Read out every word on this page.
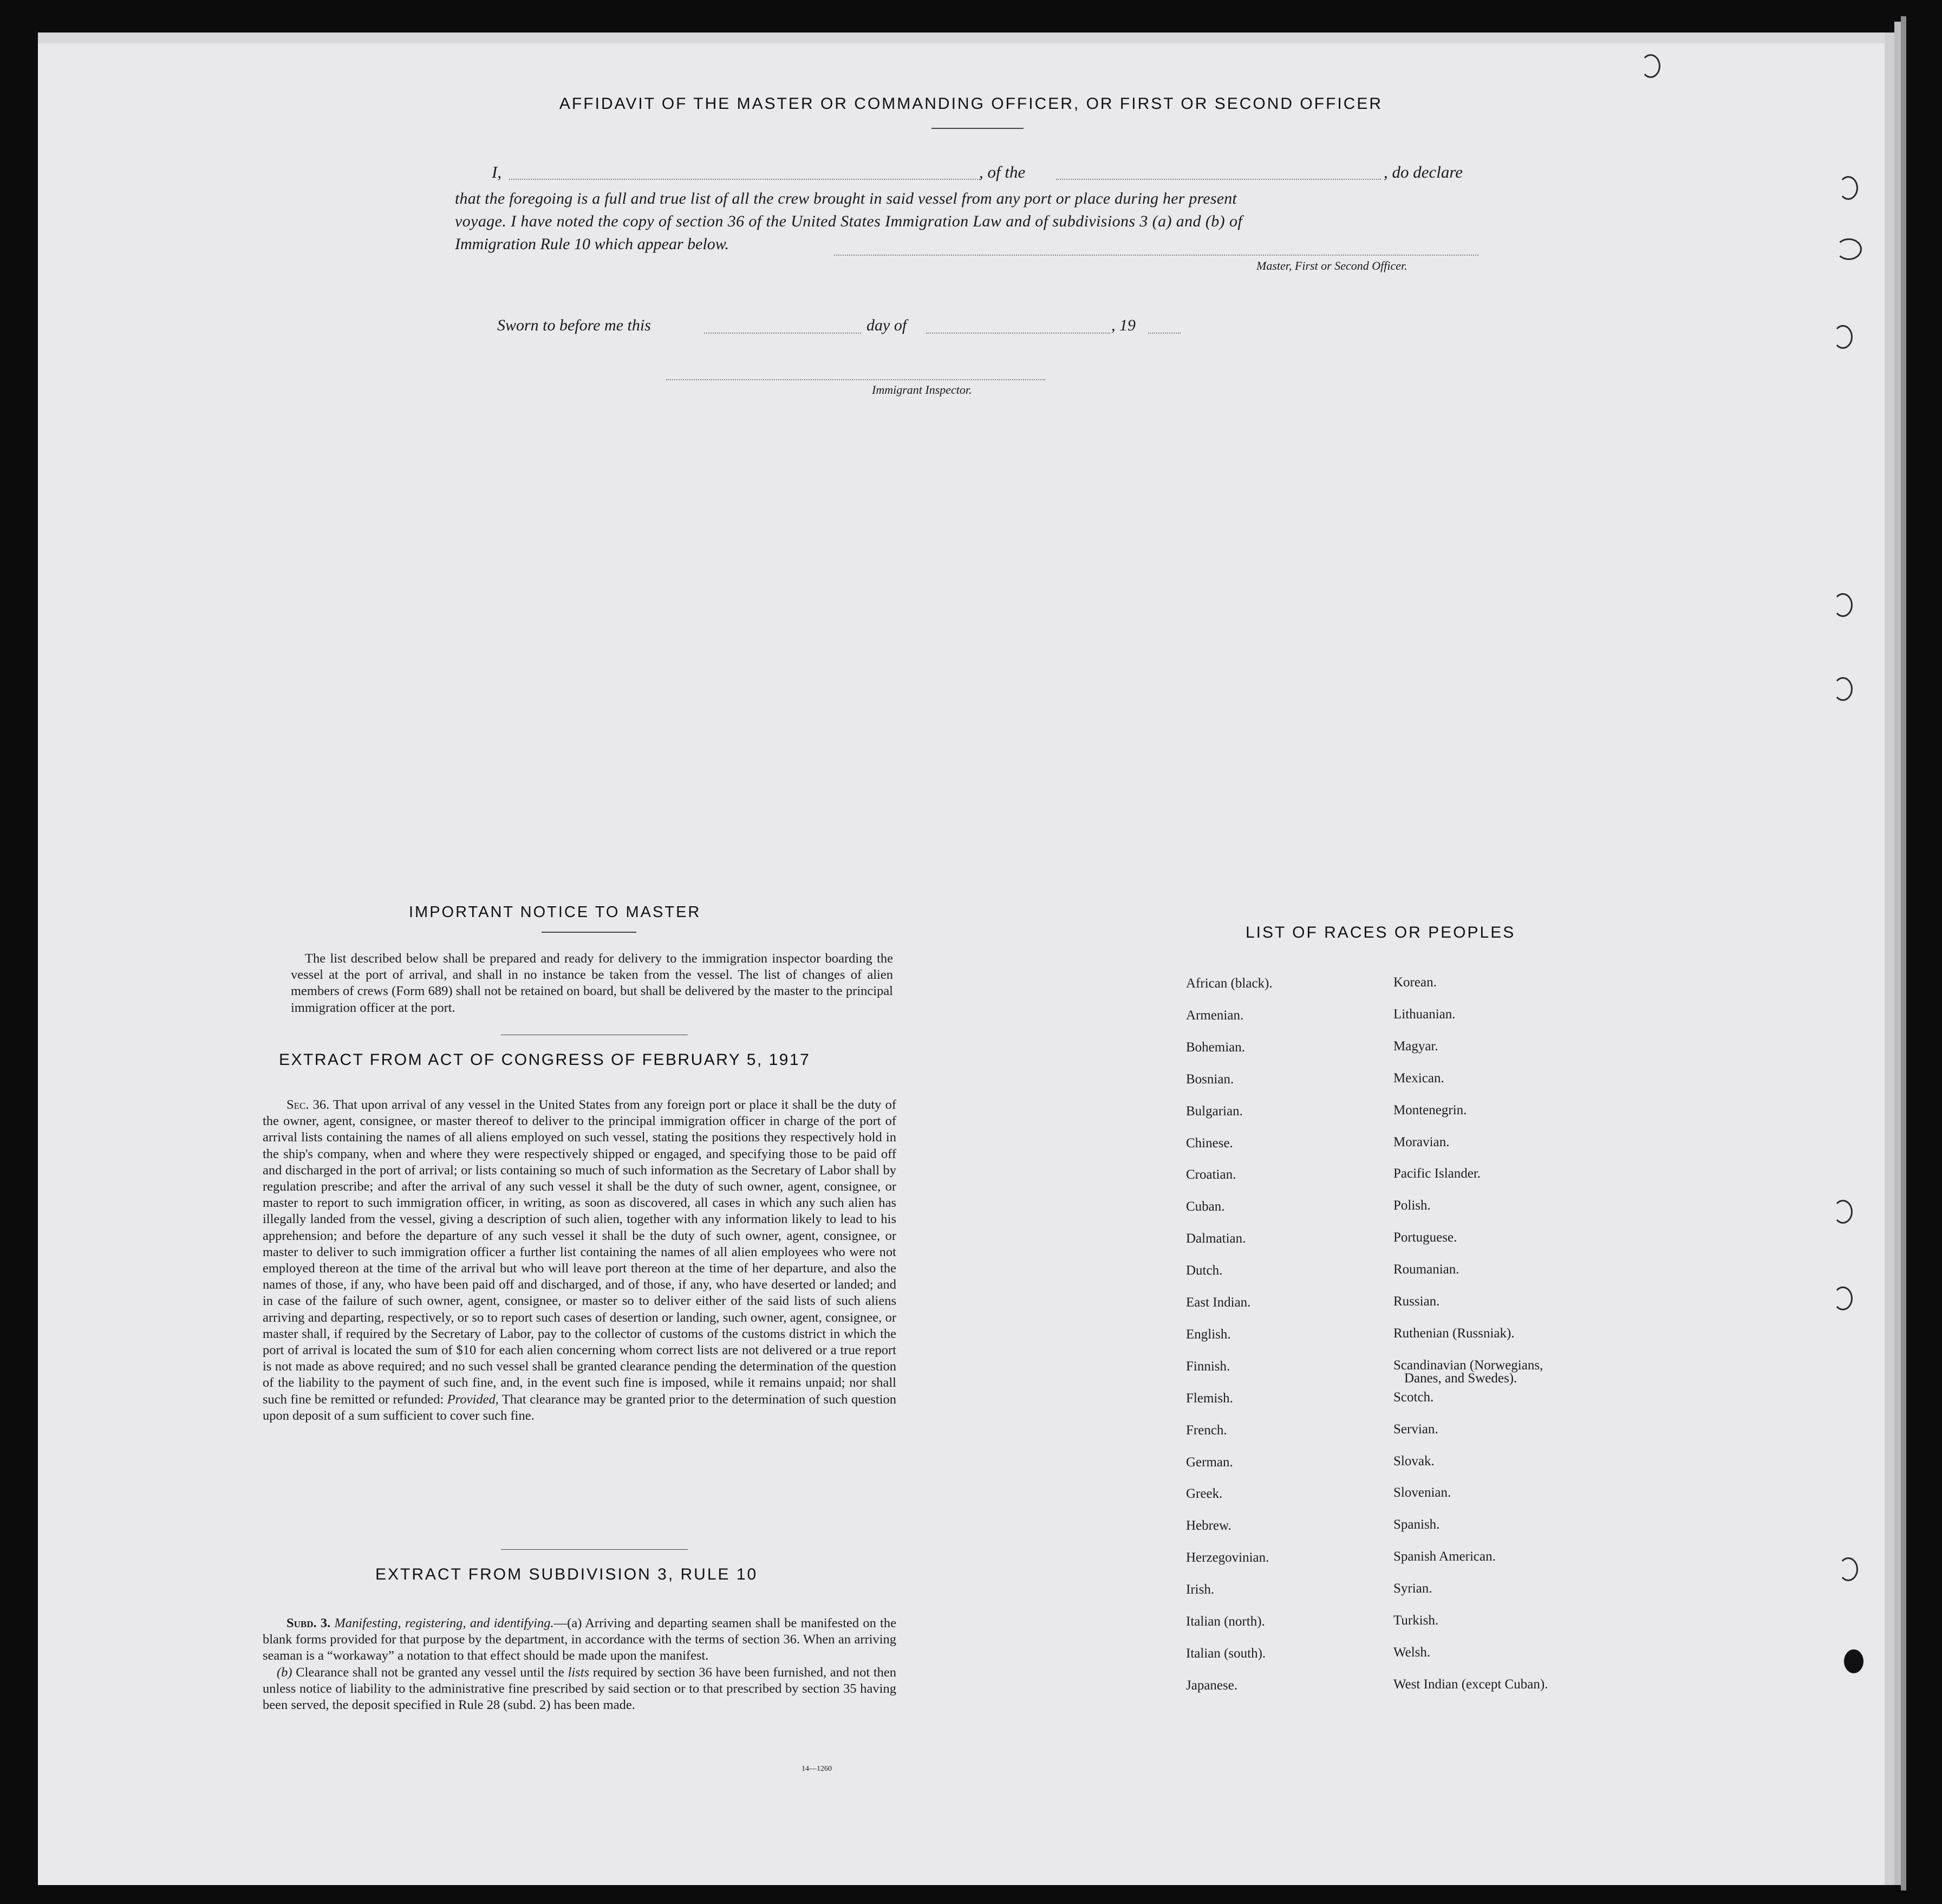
AFFIDAVIT OF THE MASTER OR COMMANDING OFFICER, OR FIRST OR SECOND OFFICER
I,	, of the	, do declare
that the foregoing is a full and true list of all the crew brought in said vessel from any port or place during her present
voyage. I have noted the copy of section 36 of the United States Immigration Law and of subdivisions 3 (a) and (b) of
Immigration Rule 10 which appear below.
Master, First or Second Officer.
Sworn to before me this	day of	, 19
Immigrant Inspector.
IMPORTANT NOTICE TO MASTER
The list described below shall be prepared and ready for delivery to the immigration inspector boarding the vessel at the port of arrival, and shall in no instance be taken from the vessel. The list of changes of alien members of crews (Form 689) shall not be retained on board, but shall be delivered by the master to the principal immigration officer at the port.
EXTRACT FROM ACT OF CONGRESS OF FEBRUARY 5, 1917
Sec. 36. That upon arrival of any vessel in the United States from any foreign port or place it shall be the duty of the owner, agent, consignee, or master thereof to deliver to the principal immigration officer in charge of the port of arrival lists containing the names of all aliens employed on such vessel, stating the positions they respectively hold in the ship's company, when and where they were respectively shipped or engaged, and specifying those to be paid off and discharged in the port of arrival; or lists containing so much of such information as the Secretary of Labor shall by regulation prescribe; and after the arrival of any such vessel it shall be the duty of such owner, agent, consignee, or master to report to such immigration officer, in writing, as soon as discovered, all cases in which any such alien has illegally landed from the vessel, giving a description of such alien, together with any information likely to lead to his apprehension; and before the departure of any such vessel it shall be the duty of such owner, agent, consignee, or master to deliver to such immigration officer a further list containing the names of all alien employees who were not employed thereon at the time of the arrival but who will leave port thereon at the time of her departure, and also the names of those, if any, who have been paid off and discharged, and of those, if any, who have deserted or landed; and in case of the failure of such owner, agent, consignee, or master so to deliver either of the said lists of such aliens arriving and departing, respectively, or so to report such cases of desertion or landing, such owner, agent, consignee, or master shall, if required by the Secretary of Labor, pay to the collector of customs of the customs district in which the port of arrival is located the sum of $10 for each alien concerning whom correct lists are not delivered or a true report is not made as above required; and no such vessel shall be granted clearance pending the determination of the question of the liability to the payment of such fine, and, in the event such fine is imposed, while it remains unpaid; nor shall such fine be remitted or refunded: Provided, That clearance may be granted prior to the determination of such question upon deposit of a sum sufficient to cover such fine.
EXTRACT FROM SUBDIVISION 3, RULE 10
Subd. 3. Manifesting, registering, and identifying.—(a) Arriving and departing seamen shall be manifested on the blank forms provided for that purpose by the department, in accordance with the terms of section 36. When an arriving seaman is a “workaway” a notation to that effect should be made upon the manifest.
(b) Clearance shall not be granted any vessel until the lists required by section 36 have been furnished, and not then unless notice of liability to the administrative fine prescribed by said section or to that prescribed by section 35 having been served, the deposit specified in Rule 28 (subd. 2) has been made.
14—1260
LIST OF RACES OR PEOPLES
African (black).
Armenian.
Bohemian.
Bosnian.
Bulgarian.
Chinese.
Croatian.
Cuban.
Dalmatian.
Dutch.
East Indian.
English.
Finnish.
Flemish.
French.
German.
Greek.
Hebrew.
Herzegovinian.
Irish.
Italian (north).
Italian (south).
Japanese.
Korean.
Lithuanian.
Magyar.
Mexican.
Montenegrin.
Moravian.
Pacific Islander.
Polish.
Portuguese.
Roumanian.
Russian.
Ruthenian (Russniak).
Scandinavian (Norwegians,
Scotch.
Servian.
Slovak.
Slovenian.
Spanish.
Spanish American.
Syrian.
Turkish.
Welsh.
West Indian (except Cuban).
Danes, and Swedes).
